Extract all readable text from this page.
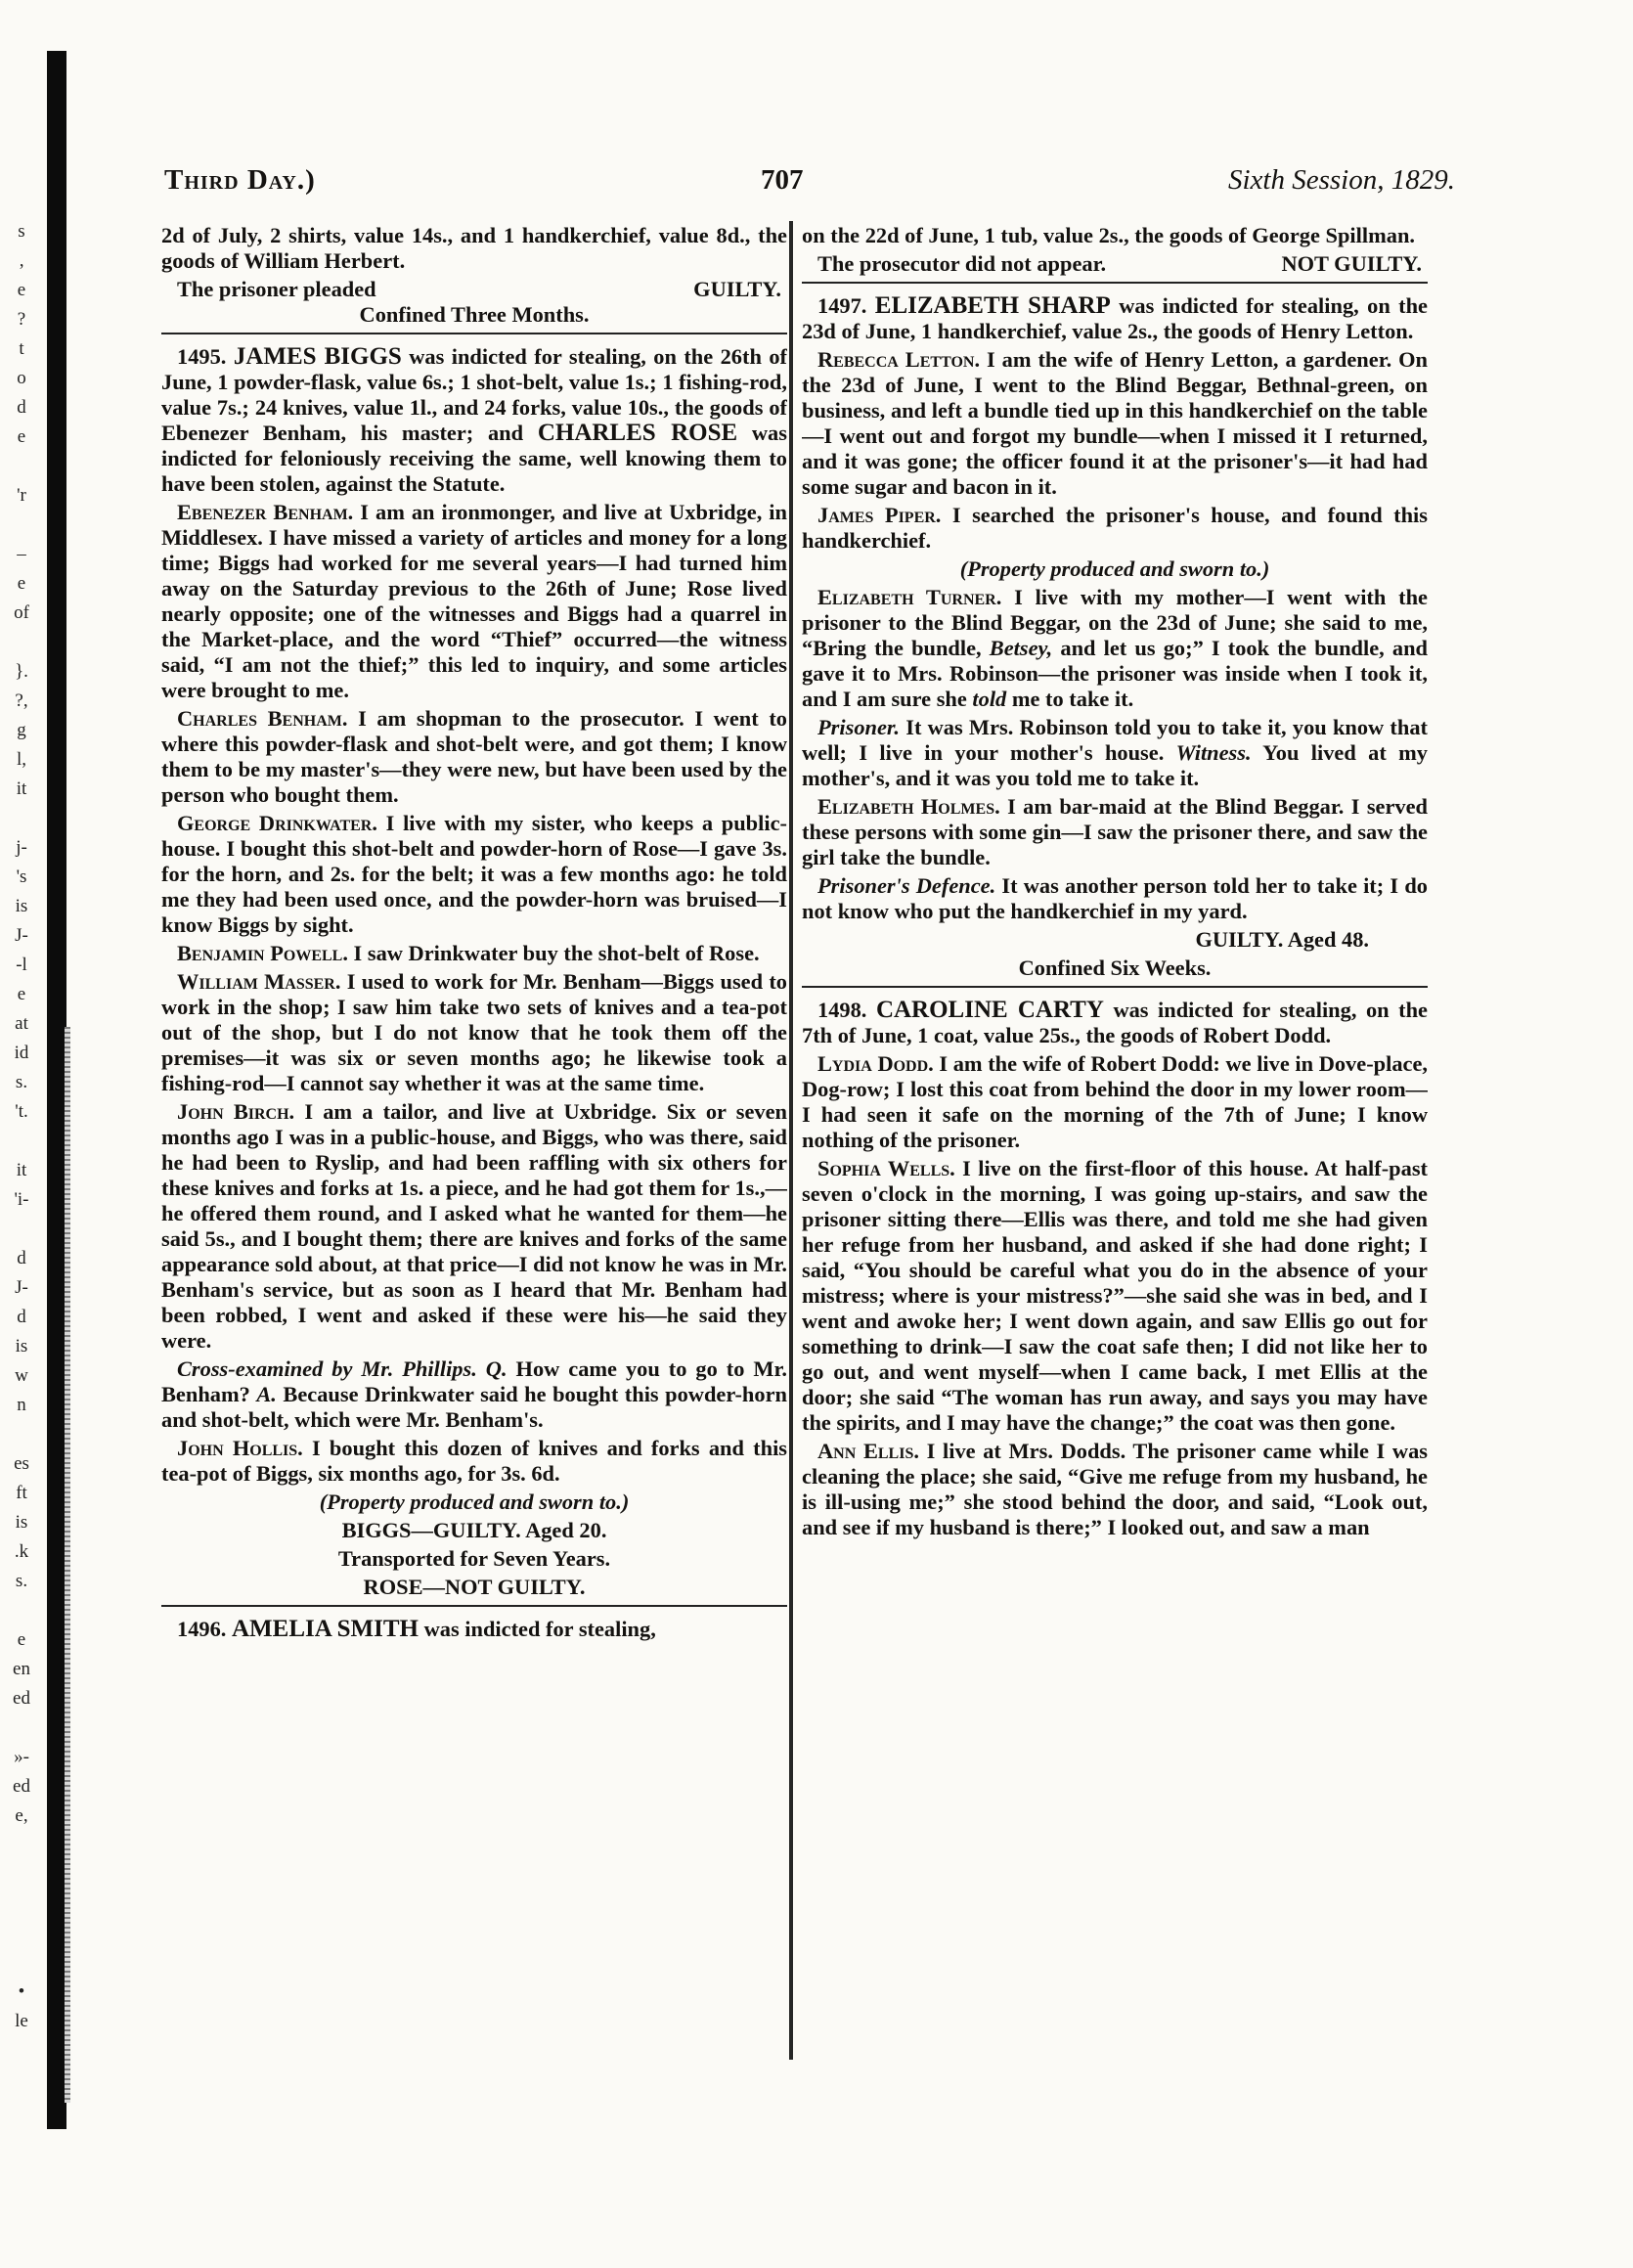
s
‚
e
?
t
o
d
e
'r
–
e
of
}.
?,
g
l,
it
j-
's
is
J-
-l
e
at
id
s.
't.
it
'i-
d
J-
d
is
w
n
es
ft
is
.k
s.
e
en
ed
»-
ed
e,
•
le
Third Day.)	707	Sixth Session, 1829.

2d of July, 2 shirts, value 14s., and 1 handkerchief, value 8d., the goods of William Herbert.

The prisoner pleaded	GUILTY.

Confined Three Months.

1495. JAMES BIGGS was indicted for stealing, on the 26th of June, 1 powder-flask, value 6s.; 1 shot-belt, value 1s.; 1 fishing-rod, value 7s.; 24 knives, value 1l., and 24 forks, value 10s., the goods of Ebenezer Benham, his master; and CHARLES ROSE was indicted for feloniously receiving the same, well knowing them to have been stolen, against the Statute.

Ebenezer Benham. I am an ironmonger, and live at Uxbridge, in Middlesex. I have missed a variety of articles and money for a long time; Biggs had worked for me several years—I had turned him away on the Saturday previous to the 26th of June; Rose lived nearly opposite; one of the witnesses and Biggs had a quarrel in the Market-place, and the word “Thief” occurred—the witness said, “I am not the thief;” this led to inquiry, and some articles were brought to me.

Charles Benham. I am shopman to the prosecutor. I went to where this powder-flask and shot-belt were, and got them; I know them to be my master's—they were new, but have been used by the person who bought them.

George Drinkwater. I live with my sister, who keeps a public-house. I bought this shot-belt and powder-horn of Rose—I gave 3s. for the horn, and 2s. for the belt; it was a few months ago: he told me they had been used once, and the powder-horn was bruised—I know Biggs by sight.

Benjamin Powell. I saw Drinkwater buy the shot-belt of Rose.

William Masser. I used to work for Mr. Benham—Biggs used to work in the shop; I saw him take two sets of knives and a tea-pot out of the shop, but I do not know that he took them off the premises—it was six or seven months ago; he likewise took a fishing-rod—I cannot say whether it was at the same time.

John Birch. I am a tailor, and live at Uxbridge. Six or seven months ago I was in a public-house, and Biggs, who was there, said he had been to Ryslip, and had been raffling with six others for these knives and forks at 1s. a piece, and he had got them for 1s.,—he offered them round, and I asked what he wanted for them—he said 5s., and I bought them; there are knives and forks of the same appearance sold about, at that price—I did not know he was in Mr. Benham's service, but as soon as I heard that Mr. Benham had been robbed, I went and asked if these were his—he said they were.

Cross-examined by Mr. Phillips. Q. How came you to go to Mr. Benham? A. Because Drinkwater said he bought this powder-horn and shot-belt, which were Mr. Benham's.

John Hollis. I bought this dozen of knives and forks and this tea-pot of Biggs, six months ago, for 3s. 6d.

(Property produced and sworn to.)

BIGGS—GUILTY. Aged 20.

Transported for Seven Years.

ROSE—NOT GUILTY.

1496. AMELIA SMITH was indicted for stealing,

on the 22d of June, 1 tub, value 2s., the goods of George Spillman.

The prosecutor did not appear.	NOT GUILTY.

1497. ELIZABETH SHARP was indicted for stealing, on the 23d of June, 1 handkerchief, value 2s., the goods of Henry Letton.

Rebecca Letton. I am the wife of Henry Letton, a gardener. On the 23d of June, I went to the Blind Beggar, Bethnal-green, on business, and left a bundle tied up in this handkerchief on the table—I went out and forgot my bundle—when I missed it I returned, and it was gone; the officer found it at the prisoner's—it had had some sugar and bacon in it.

James Piper. I searched the prisoner's house, and found this handkerchief.

(Property produced and sworn to.)

Elizabeth Turner. I live with my mother—I went with the prisoner to the Blind Beggar, on the 23d of June; she said to me, “Bring the bundle, Betsey, and let us go;” I took the bundle, and gave it to Mrs. Robinson—the prisoner was inside when I took it, and I am sure she told me to take it.

Prisoner. It was Mrs. Robinson told you to take it, you know that well; I live in your mother's house. Witness. You lived at my mother's, and it was you told me to take it.

Elizabeth Holmes. I am bar-maid at the Blind Beggar. I served these persons with some gin—I saw the prisoner there, and saw the girl take the bundle.

Prisoner's Defence. It was another person told her to take it; I do not know who put the handkerchief in my yard.

GUILTY. Aged 48.

Confined Six Weeks.

1498. CAROLINE CARTY was indicted for stealing, on the 7th of June, 1 coat, value 25s., the goods of Robert Dodd.

Lydia Dodd. I am the wife of Robert Dodd: we live in Dove-place, Dog-row; I lost this coat from behind the door in my lower room—I had seen it safe on the morning of the 7th of June; I know nothing of the prisoner.

Sophia Wells. I live on the first-floor of this house. At half-past seven o'clock in the morning, I was going up-stairs, and saw the prisoner sitting there—Ellis was there, and told me she had given her refuge from her husband, and asked if she had done right; I said, “You should be careful what you do in the absence of your mistress; where is your mistress?”—she said she was in bed, and I went and awoke her; I went down again, and saw Ellis go out for something to drink—I saw the coat safe then; I did not like her to go out, and went myself—when I came back, I met Ellis at the door; she said “The woman has run away, and says you may have the spirits, and I may have the change;” the coat was then gone.

Ann Ellis. I live at Mrs. Dodds. The prisoner came while I was cleaning the place; she said, “Give me refuge from my husband, he is ill-using me;” she stood behind the door, and said, “Look out, and see if my husband is there;” I looked out, and saw a man
